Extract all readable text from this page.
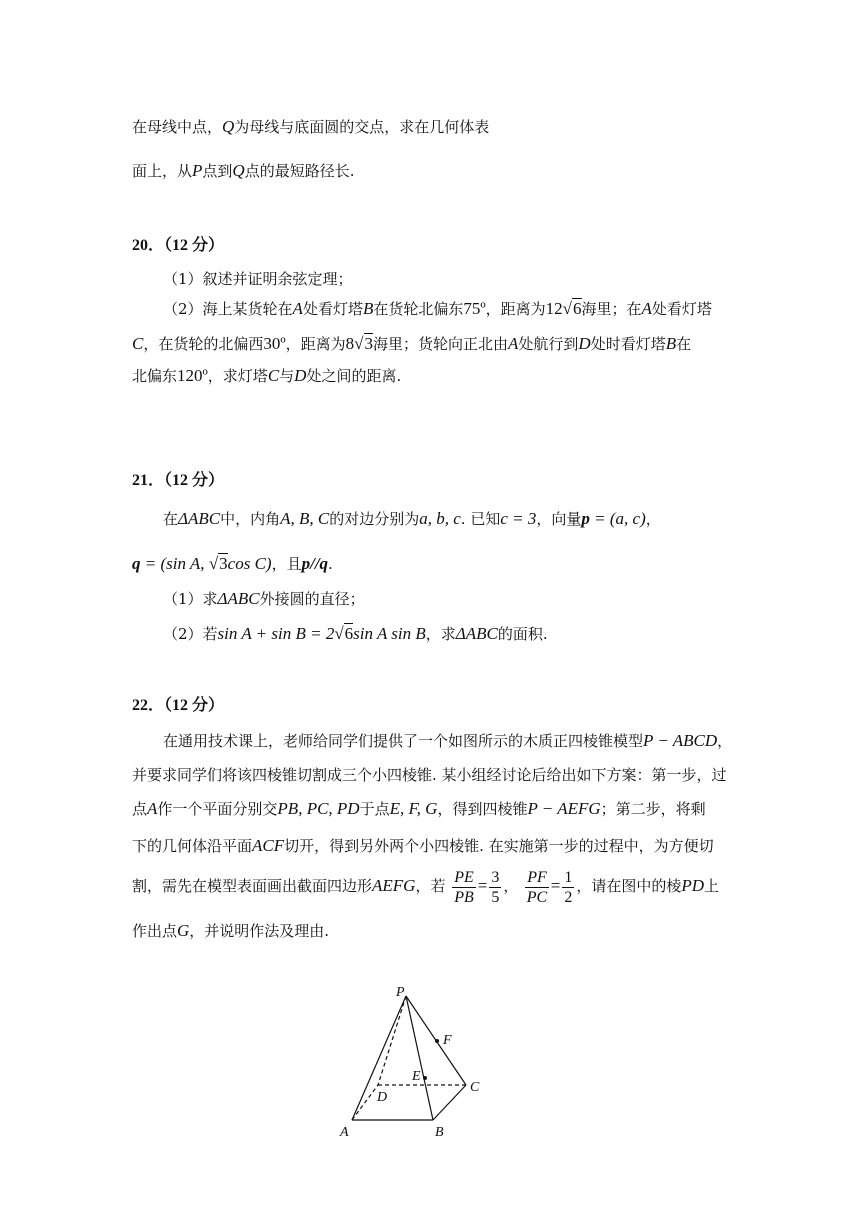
在母线中点，Q为母线与底面圆的交点，求在几何体表
面上，从P点到Q点的最短路径长.
20．（12 分）
（1）叙述并证明余弦定理；
（2）海上某货轮在A处看灯塔B在货轮北偏东75º，距离为12√6海里；在A处看灯塔
C，在货轮的北偏西30º，距离为8√3海里；货轮向正北由A处航行到D处时看灯塔B在
北偏东120º，求灯塔C与D处之间的距离.
21．（12 分）
在ΔABC中，内角A, B, C的对边分别为a, b, c. 已知c = 3，向量p = (a, c)，
q = (sin A, √3cos C)，且p//q.
（1）求ΔABC外接圆的直径；
（2）若sin A + sin B = 2√6sin A sin B，求ΔABC的面积.
22．（12 分）
在通用技术课上，老师给同学们提供了一个如图所示的木质正四棱锥模型P − ABCD，
并要求同学们将该四棱锥切割成三个小四棱锥. 某小组经讨论后给出如下方案：第一步，过
点A作一个平面分别交PB, PC, PD于点E, F, G，得到四棱锥P − AEFG；第二步，将剩
下的几何体沿平面ACF切开，得到另外两个小四棱锥. 在实施第一步的过程中，为方便切
割，需先在模型表面画出截面四边形AEFG，若 $\frac{PE}{PB} = \frac{3}{5}$ ， $\frac{PF}{PC} = \frac{1}{2}$ ，请在图中的棱PD上
作出点G，并说明作法及理由.
P
F
E
C
D
A	B
